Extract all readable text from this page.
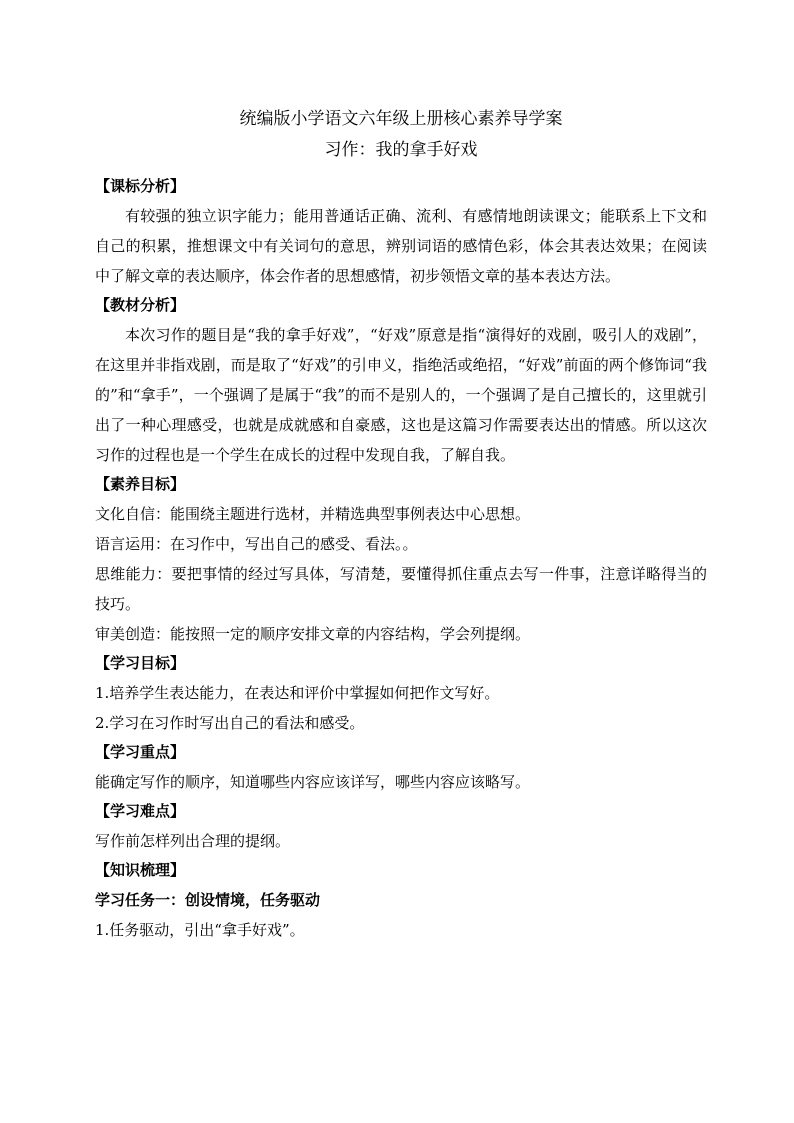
统编版小学语文六年级上册核心素养导学案

习作：我的拿手好戏

【课标分析】

有较强的独立识字能力；能用普通话正确、流利、有感情地朗读课文；能联系上下文和自己的积累，推想课文中有关词句的意思，辨别词语的感情色彩，体会其表达效果；在阅读中了解文章的表达顺序，体会作者的思想感情，初步领悟文章的基本表达方法。

【教材分析】

本次习作的题目是“我的拿手好戏”，“好戏”原意是指“演得好的戏剧，吸引人的戏剧”，在这里并非指戏剧，而是取了“好戏”的引申义，指绝活或绝招，“好戏”前面的两个修饰词“我的”和“拿手”，一个强调了是属于“我”的而不是别人的，一个强调了是自己擅长的，这里就引出了一种心理感受，也就是成就感和自豪感，这也是这篇习作需要表达出的情感。所以这次习作的过程也是一个学生在成长的过程中发现自我，了解自我。

【素养目标】

文化自信：能围绕主题进行选材，并精选典型事例表达中心思想。

语言运用：在习作中，写出自己的感受、看法。。

思维能力：要把事情的经过写具体，写清楚，要懂得抓住重点去写一件事，注意详略得当的技巧。

审美创造：能按照一定的顺序安排文章的内容结构，学会列提纲。

【学习目标】

1.培养学生表达能力，在表达和评价中掌握如何把作文写好。

2.学习在习作时写出自己的看法和感受。

【学习重点】

能确定写作的顺序，知道哪些内容应该详写，哪些内容应该略写。

【学习难点】

写作前怎样列出合理的提纲。

【知识梳理】

学习任务一：创设情境，任务驱动

1.任务驱动，引出“拿手好戏”。
